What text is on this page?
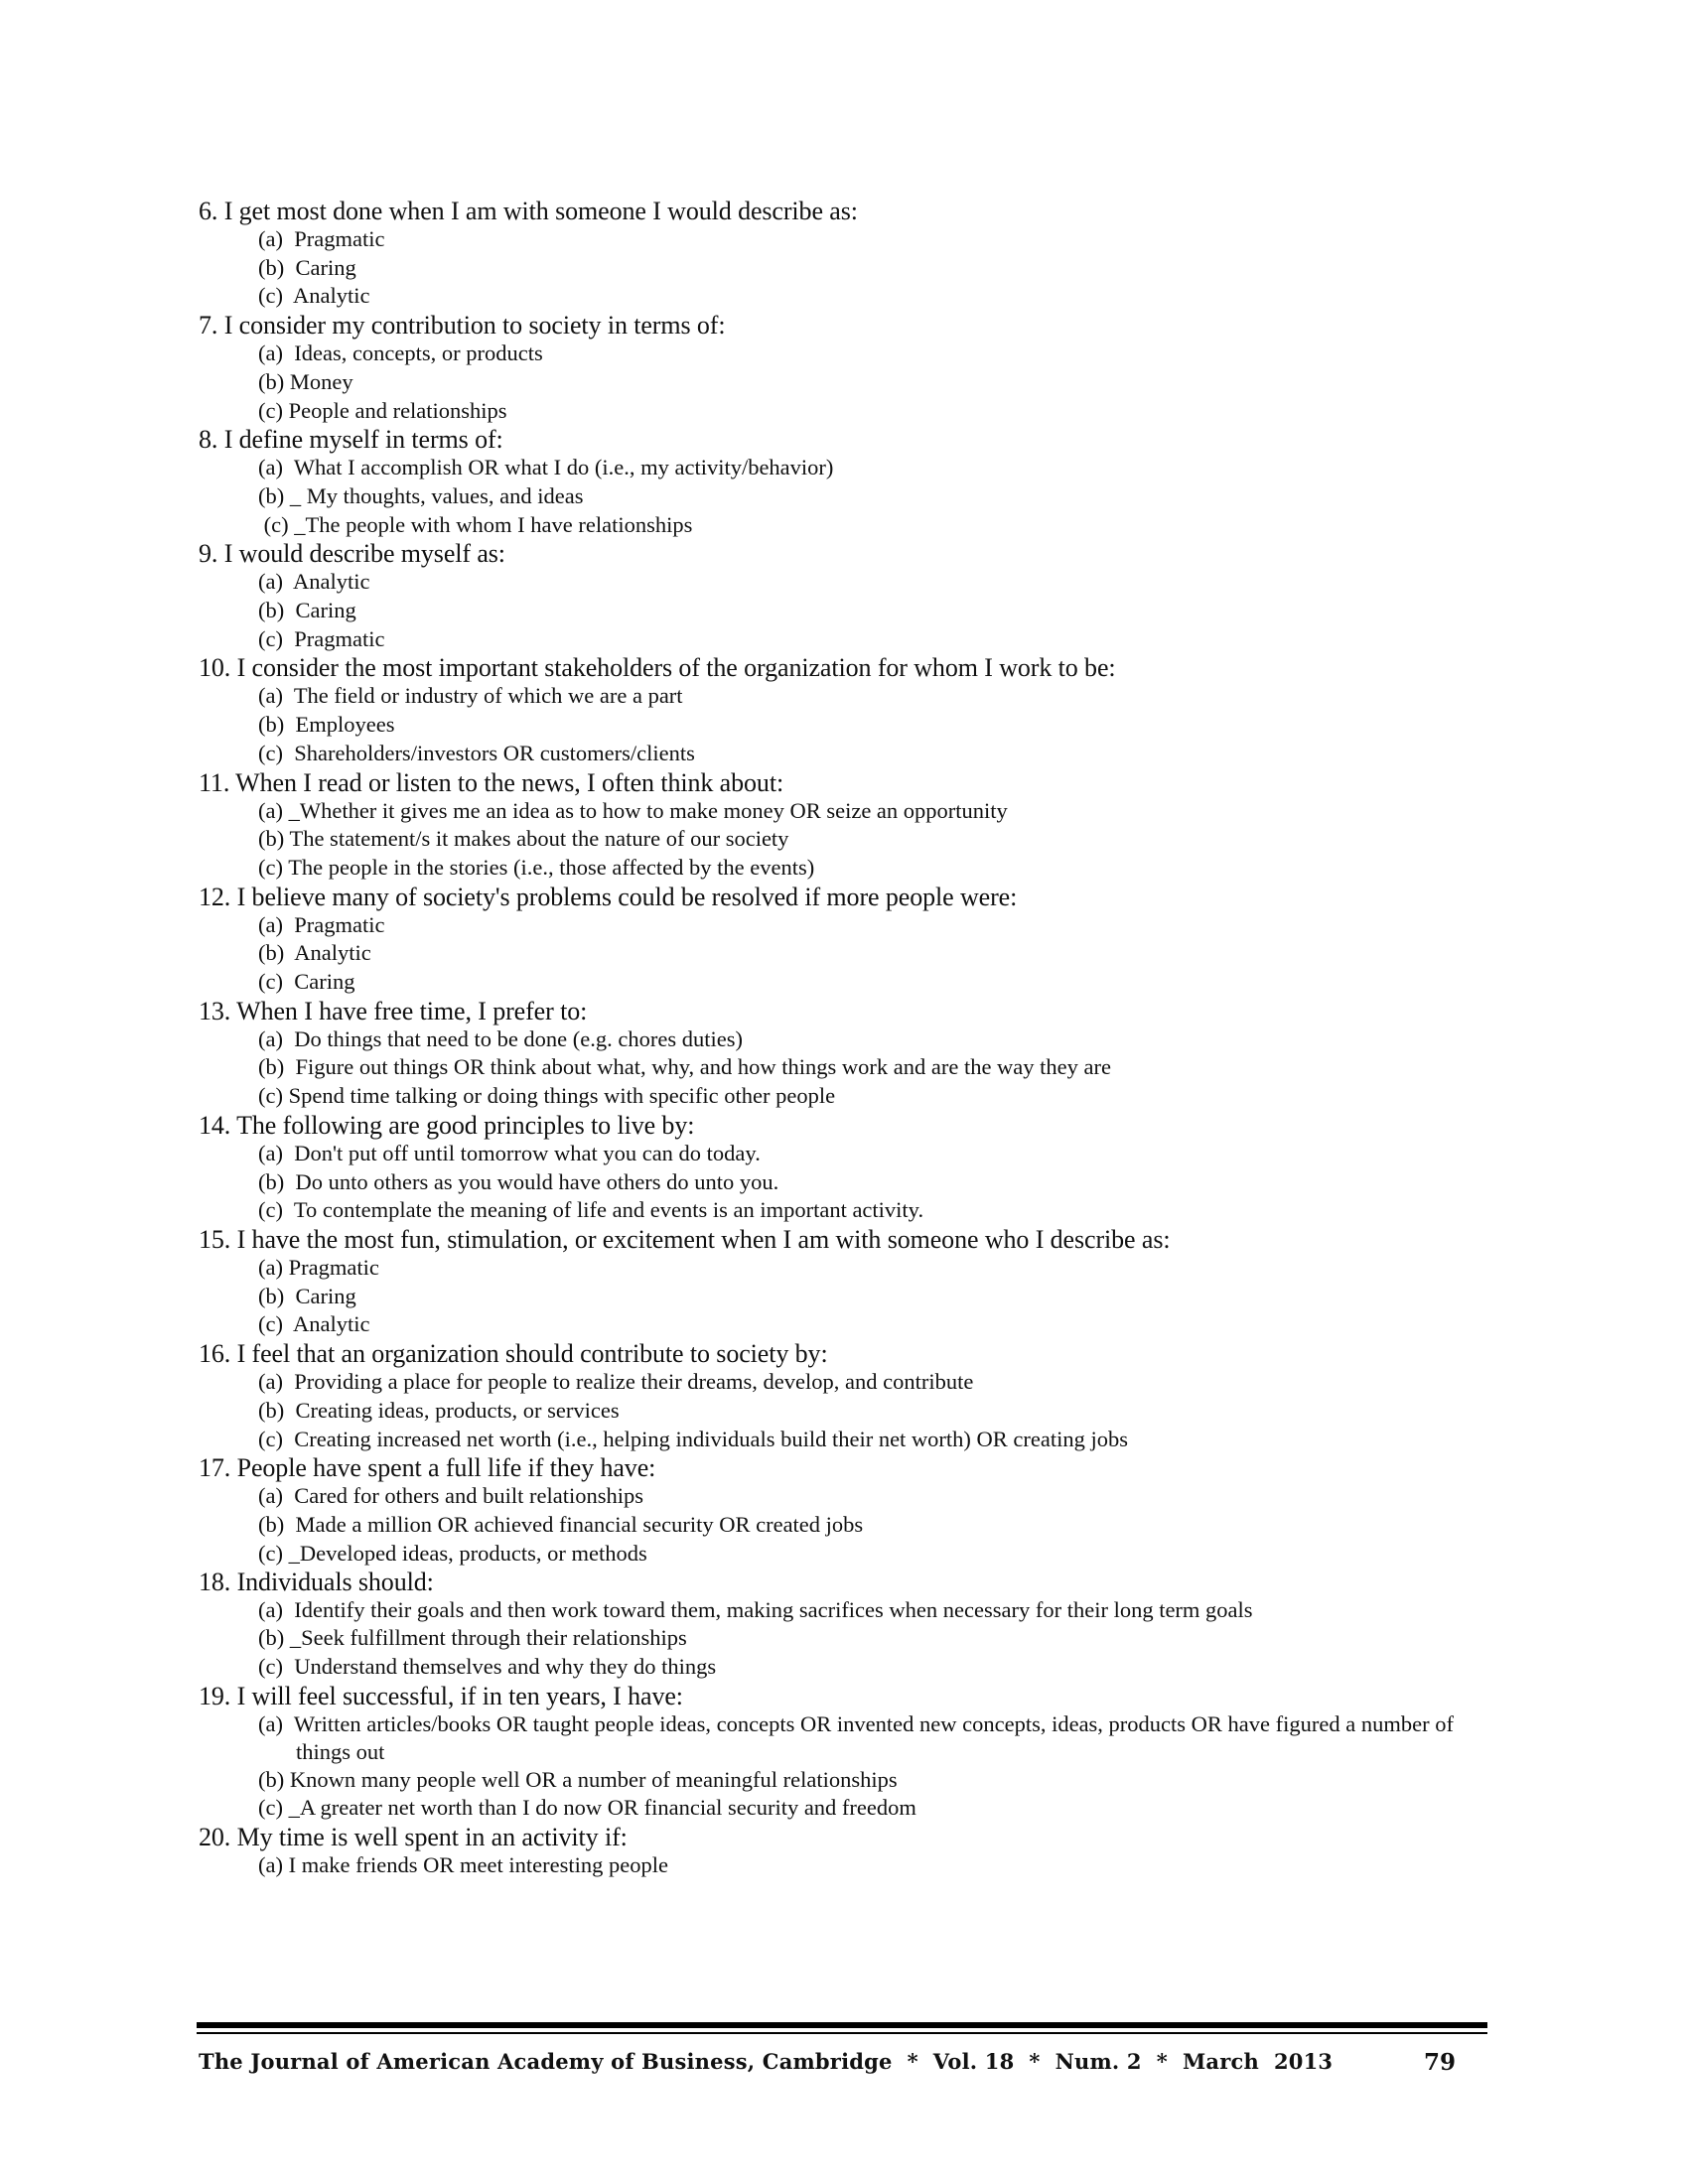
6. I get most done when I am with someone I would describe as:

(a)  Pragmatic
(b)  Caring
(c)  Analytic

7. I consider my contribution to society in terms of:

(a)  Ideas, concepts, or products
(b) Money
(c) People and relationships

8. I define myself in terms of:

(a)  What I accomplish OR what I do (i.e., my activity/behavior)
(b) _ My thoughts, values, and ideas
(c) _The people with whom I have relationships

9. I would describe myself as:

(a)  Analytic
(b)  Caring
(c)  Pragmatic

10. I consider the most important stakeholders of the organization for whom I work to be:

(a)  The field or industry of which we are a part
(b)  Employees
(c)  Shareholders/investors OR customers/clients

11. When I read or listen to the news, I often think about:

(a) _Whether it gives me an idea as to how to make money OR seize an opportunity
(b) The statement/s it makes about the nature of our society
(c) The people in the stories (i.e., those affected by the events)

12. I believe many of society's problems could be resolved if more people were:

(a)  Pragmatic
(b)  Analytic
(c)  Caring

13. When I have free time, I prefer to:

(a)  Do things that need to be done (e.g. chores duties)
(b)  Figure out things OR think about what, why, and how things work and are the way they are
(c) Spend time talking or doing things with specific other people

14. The following are good principles to live by:

(a)  Don't put off until tomorrow what you can do today.
(b)  Do unto others as you would have others do unto you.
(c)  To contemplate the meaning of life and events is an important activity.

15. I have the most fun, stimulation, or excitement when I am with someone who I describe as:

(a) Pragmatic
(b)  Caring
(c)  Analytic

16. I feel that an organization should contribute to society by:

(a)  Providing a place for people to realize their dreams, develop, and contribute
(b)  Creating ideas, products, or services
(c)  Creating increased net worth (i.e., helping individuals build their net worth) OR creating jobs

17. People have spent a full life if they have:

(a)  Cared for others and built relationships
(b)  Made a million OR achieved financial security OR created jobs
(c) _Developed ideas, products, or methods

18. Individuals should:

(a)  Identify their goals and then work toward them, making sacrifices when necessary for their long term goals
(b) _Seek fulfillment through their relationships
(c)  Understand themselves and why they do things

19. I will feel successful, if in ten years, I have:

(a)  Written articles/books OR taught people ideas, concepts OR invented new concepts, ideas, products OR have figured a number of things out
(b) Known many people well OR a number of meaningful relationships
(c) _A greater net worth than I do now OR financial security and freedom

20. My time is well spent in an activity if:

(a) I make friends OR meet interesting people
The Journal of American Academy of Business, Cambridge  *  Vol. 18  *  Num. 2  *  March  2013	79
